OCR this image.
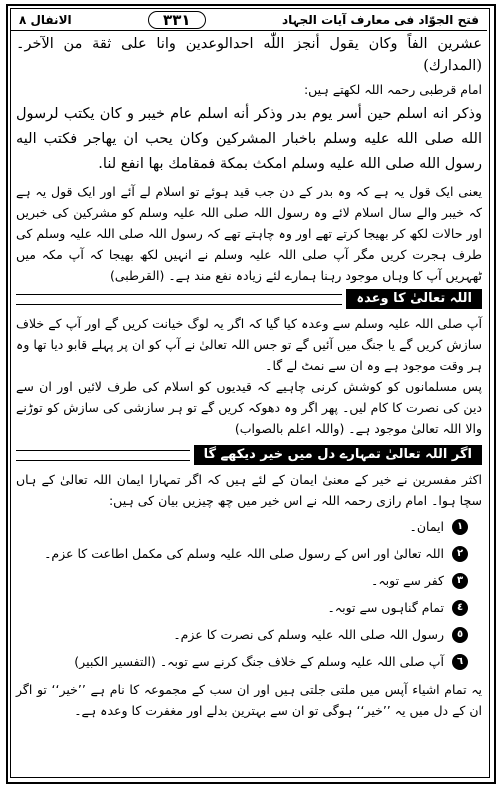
فتح الجوّاد فی معارف آیات الجہاد
٣٣١
الانفال ٨

عشرين الفاً وكان يقول أنجز اللّٰه احدالوعدين وانا على ثقة من الآخر۔ (المدارك)

امام قرطبی رحمہ اللہ لکھتے ہیں:

وذكر انه اسلم حين أسر يوم بدر وذكر أنه اسلم عام خيبر و كان يكتب لرسول الله صلى الله عليه وسلم باخبار المشركين وكان يحب ان يهاجر فكتب اليه رسول الله صلى الله عليه وسلم امكث بمكة فمقامك بها انفع لنا.

یعنی ایک قول یہ ہے کہ وہ بدر کے دن جب قید ہوئے تو اسلام لے آئے اور ایک قول یہ ہے کہ خیبر والے سال اسلام لائے وہ رسول اللہ صلی اللہ علیہ وسلم کو مشرکین کی خبریں اور حالات لکھ کر بھیجا کرتے تھے اور وہ چاہتے تھے کہ رسول اللہ صلی اللہ علیہ وسلم کی طرف ہجرت کریں مگر آپ صلی اللہ علیہ وسلم نے انہیں لکھ بھیجا کہ آپ مکہ میں ٹھہریں آپ کا وہاں موجود رہنا ہمارے لئے زیادہ نفع مند ہے۔ (القرطبی)

اللہ تعالیٰ کا وعدہ

آپ صلی اللہ علیہ وسلم سے وعدہ کیا گیا کہ اگر یہ لوگ خیانت کریں گے اور آپ کے خلاف سازش کریں گے یا جنگ میں آئیں گے تو جس اللہ تعالیٰ نے آپ کو ان پر پہلے قابو دیا تھا وہ ہر وقت موجود ہے وہ ان سے نمٹ لے گا۔

پس مسلمانوں کو کوشش کرنی چاہیے کہ قیدیوں کو اسلام کی طرف لائیں اور ان سے دین کی نصرت کا کام لیں۔ پھر اگر وہ دھوکہ کریں گے تو ہر سازشی کی سازش کو توڑنے والا اللہ تعالیٰ موجود ہے۔ (واللہ اعلم بالصواب)

اگر اللہ تعالیٰ تمہارے دل میں خیر دیکھے گا

اکثر مفسرین نے خیر کے معنیٰ ایمان کے لئے ہیں کہ اگر تمہارا ایمان اللہ تعالیٰ کے ہاں سچا ہوا۔ امام رازی رحمہ اللہ نے اس خیر میں چھ چیزیں بیان کی ہیں:

١
ایمان۔
٢
اللہ تعالیٰ اور اس کے رسول صلی اللہ علیہ وسلم کی مکمل اطاعت کا عزم۔
٣
کفر سے توبہ۔
٤
تمام گناہوں سے توبہ۔
٥
رسول اللہ صلی اللہ علیہ وسلم کی نصرت کا عزم۔
٦
آپ صلی اللہ علیہ وسلم کے خلاف جنگ کرنے سے توبہ۔ (التفسیر الکبیر)

یہ تمام اشیاء آپس میں ملتی جلتی ہیں اور ان سب کے مجموعہ کا نام ہے ’’خیر‘‘ تو اگر ان کے دل میں یہ ’’خیر‘‘ ہوگی تو ان سے بہترین بدلے اور مغفرت کا وعدہ ہے۔
